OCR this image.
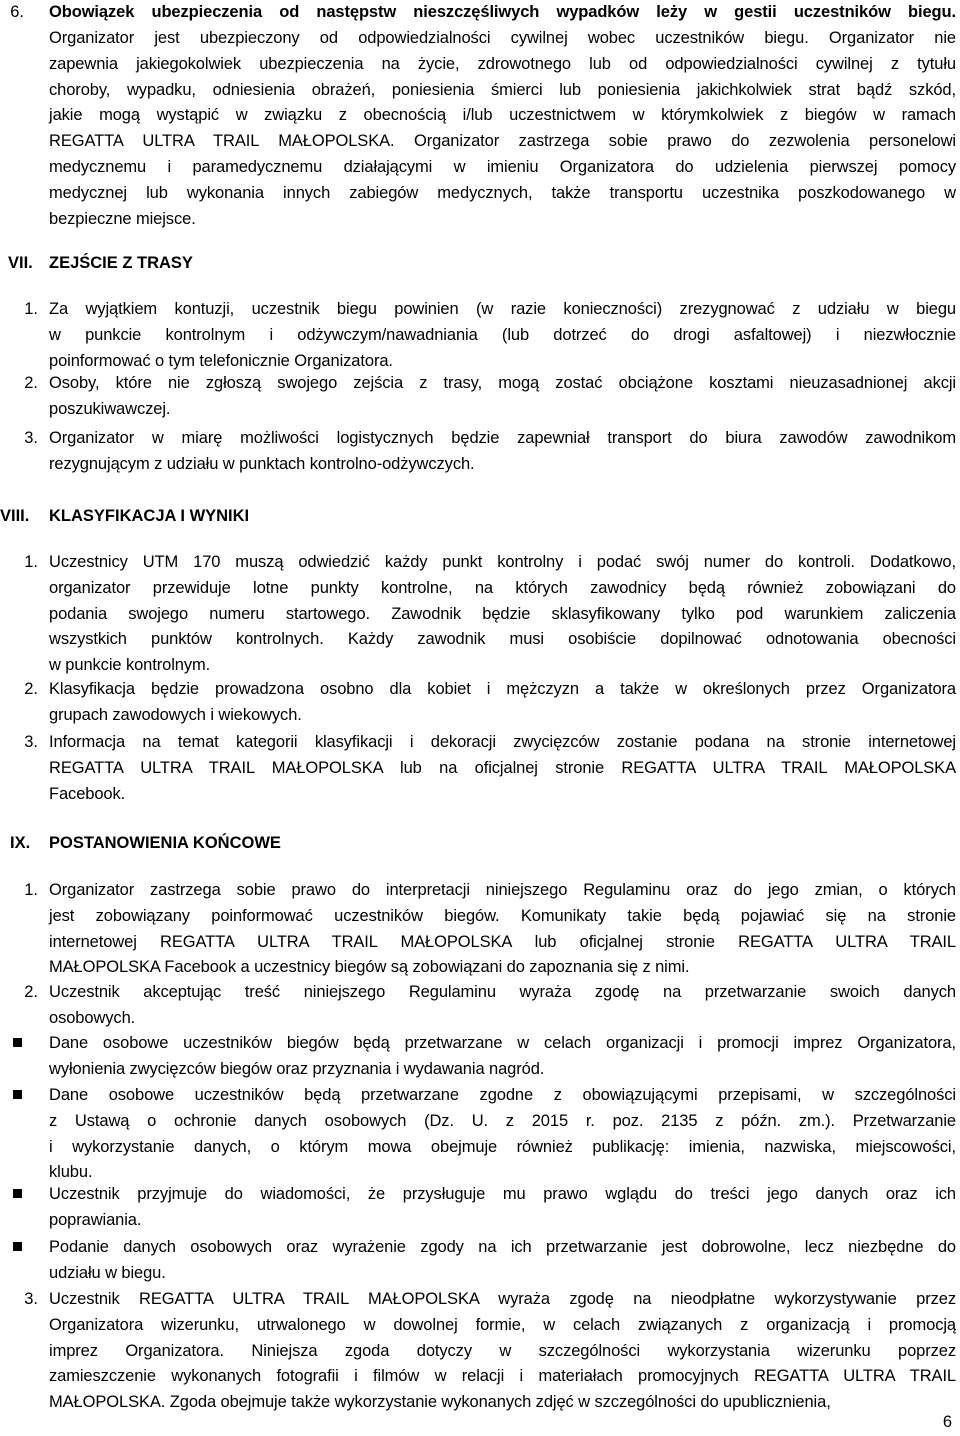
6. Obowiązek ubezpieczenia od następstw nieszczęśliwych wypadków leży w gestii uczestników biegu.
Organizator jest ubezpieczony od odpowiedzialności cywilnej wobec uczestników biegu. Organizator nie
zapewnia jakiegokolwiek ubezpieczenia na życie, zdrowotnego lub od odpowiedzialności cywilnej z tytułu
choroby, wypadku, odniesienia obrażeń, poniesienia śmierci lub poniesienia jakichkolwiek strat bądź szkód,
jakie mogą wystąpić w związku z obecnością i/lub uczestnictwem w którymkolwiek z biegów w ramach
REGATTA ULTRA TRAIL MAŁOPOLSKA. Organizator zastrzega sobie prawo do zezwolenia personelowi
medycznemu i paramedycznemu działającymi w imieniu Organizatora do udzielenia pierwszej pomocy
medycznej lub wykonania innych zabiegów medycznych, także transportu uczestnika poszkodowanego w
bezpieczne miejsce.
VII. ZEJŚCIE Z TRASY
1. Za wyjątkiem kontuzji, uczestnik biegu powinien (w razie konieczności) zrezygnować z udziału w biegu
w punkcie kontrolnym i odżywczym/nawadniania (lub dotrzeć do drogi asfaltowej) i niezwłocznie
poinformować o tym telefonicznie Organizatora.
2. Osoby, które nie zgłoszą swojego zejścia z trasy, mogą zostać obciążone kosztami nieuzasadnionej akcji
poszukiwawczej.
3. Organizator w miarę możliwości logistycznych będzie zapewniał transport do biura zawodów zawodnikom
rezygnującym z udziału w punktach kontrolno-odżywczych.
VIII. KLASYFIKACJA I WYNIKI
1. Uczestnicy UTM 170 muszą odwiedzić każdy punkt kontrolny i podać swój numer do kontroli. Dodatkowo,
organizator przewiduje lotne punkty kontrolne, na których zawodnicy będą również zobowiązani do
podania swojego numeru startowego. Zawodnik będzie sklasyfikowany tylko pod warunkiem zaliczenia
wszystkich punktów kontrolnych. Każdy zawodnik musi osobiście dopilnować odnotowania obecności
w punkcie kontrolnym.
2. Klasyfikacja będzie prowadzona osobno dla kobiet i mężczyzn a także w określonych przez Organizatora
grupach zawodowych i wiekowych.
3. Informacja na temat kategorii klasyfikacji i dekoracji zwycięzców zostanie podana na stronie internetowej
REGATTA ULTRA TRAIL MAŁOPOLSKA lub na oficjalnej stronie REGATTA ULTRA TRAIL MAŁOPOLSKA
Facebook.
IX. POSTANOWIENIA KOŃCOWE
1. Organizator zastrzega sobie prawo do interpretacji niniejszego Regulaminu oraz do jego zmian, o których
jest zobowiązany poinformować uczestników biegów. Komunikaty takie będą pojawiać się na stronie
internetowej REGATTA ULTRA TRAIL MAŁOPOLSKA lub oficjalnej stronie REGATTA ULTRA TRAIL
MAŁOPOLSKA Facebook a uczestnicy biegów są zobowiązani do zapoznania się z nimi.
2. Uczestnik akceptując treść niniejszego Regulaminu wyraża zgodę na przetwarzanie swoich danych
osobowych.
Dane osobowe uczestników biegów będą przetwarzane w celach organizacji i promocji imprez Organizatora,
wyłonienia zwycięzców biegów oraz przyznania i wydawania nagród.
Dane osobowe uczestników będą przetwarzane zgodne z obowiązującymi przepisami, w szczególności
z Ustawą o ochronie danych osobowych (Dz. U. z 2015 r. poz. 2135 z późn. zm.). Przetwarzanie
i wykorzystanie danych, o którym mowa obejmuje również publikację: imienia, nazwiska, miejscowości,
klubu.
Uczestnik przyjmuje do wiadomości, że przysługuje mu prawo wglądu do treści jego danych oraz ich
poprawiania.
Podanie danych osobowych oraz wyrażenie zgody na ich przetwarzanie jest dobrowolne, lecz niezbędne do
udziału w biegu.
3. Uczestnik REGATTA ULTRA TRAIL MAŁOPOLSKA wyraża zgodę na nieodpłatne wykorzystywanie przez
Organizatora wizerunku, utrwalonego w dowolnej formie, w celach związanych z organizacją i promocją
imprez Organizatora. Niniejsza zgoda dotyczy w szczególności wykorzystania wizerunku poprzez
zamieszczenie wykonanych fotografii i filmów w relacji i materiałach promocyjnych REGATTA ULTRA TRAIL
MAŁOPOLSKA. Zgoda obejmuje także wykorzystanie wykonanych zdjęć w szczególności do upublicznienia,
6
